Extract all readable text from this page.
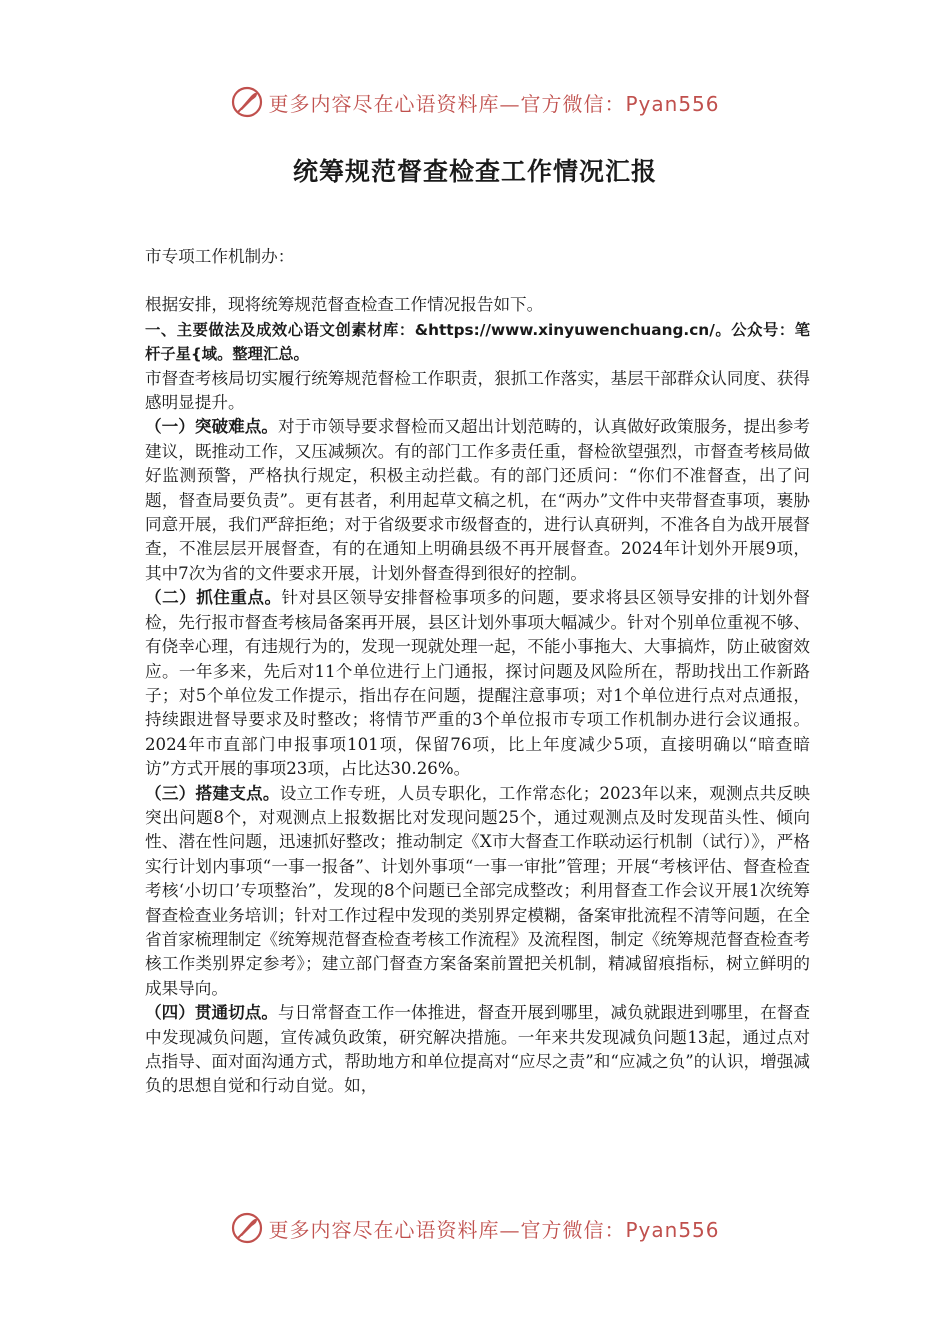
更多内容尽在心语资料库—官方微信：Pyan556
统筹规范督查检查工作情况汇报

市专项工作机制办：

根据安排，现将统筹规范督查检查工作情况报告如下。

一、主要做法及成效心语文创素材库：&https://www.xinyuwenchuang.cn/。公众号：笔杆子星{域。整理汇总。

市督查考核局切实履行统筹规范督检工作职责，狠抓工作落实，基层干部群众认同度、获得感明显提升。

（一）突破难点。对于市领导要求督检而又超出计划范畴的，认真做好政策服务，提出参考建议，既推动工作，又压减频次。有的部门工作多责任重，督检欲望强烈，市督查考核局做好监测预警，严格执行规定，积极主动拦截。有的部门还质问：“你们不准督查，出了问题，督查局要负责”。更有甚者，利用起草文稿之机，在“两办”文件中夹带督查事项，裹胁同意开展，我们严辞拒绝；对于省级要求市级督查的，进行认真研判，不准各自为战开展督查，不准层层开展督查，有的在通知上明确县级不再开展督查。2024年计划外开展9项，其中7次为省的文件要求开展，计划外督查得到很好的控制。

（二）抓住重点。针对县区领导安排督检事项多的问题，要求将县区领导安排的计划外督检，先行报市督查考核局备案再开展，县区计划外事项大幅减少。针对个别单位重视不够、有侥幸心理，有违规行为的，发现一现就处理一起，不能小事拖大、大事搞炸，防止破窗效应。一年多来，先后对11个单位进行上门通报，探讨问题及风险所在，帮助找出工作新路子；对5个单位发工作提示，指出存在问题，提醒注意事项；对1个单位进行点对点通报，持续跟进督导要求及时整改；将情节严重的3个单位报市专项工作机制办进行会议通报。2024年市直部门申报事项101项，保留76项，比上年度减少5项，直接明确以“暗查暗访”方式开展的事项23项，占比达30.26%。

（三）搭建支点。设立工作专班，人员专职化，工作常态化；2023年以来，观测点共反映突出问题8个，对观测点上报数据比对发现问题25个，通过观测点及时发现苗头性、倾向性、潜在性问题，迅速抓好整改；推动制定《X市大督查工作联动运行机制（试行）》，严格实行计划内事项“一事一报备”、计划外事项“一事一审批”管理；开展“考核评估、督查检查考核‘小切口’专项整治”，发现的8个问题已全部完成整改；利用督查工作会议开展1次统筹督查检查业务培训；针对工作过程中发现的类别界定模糊，备案审批流程不清等问题，在全省首家梳理制定《统筹规范督查检查考核工作流程》及流程图，制定《统筹规范督查检查考核工作类别界定参考》；建立部门督查方案备案前置把关机制，精减留痕指标，树立鲜明的成果导向。

（四）贯通切点。与日常督查工作一体推进，督查开展到哪里，减负就跟进到哪里，在督查中发现减负问题，宣传减负政策，研究解决措施。一年来共发现减负问题13起，通过点对点指导、面对面沟通方式，帮助地方和单位提高对“应尽之责”和“应减之负”的认识，增强减负的思想自觉和行动自觉。如，

更多内容尽在心语资料库—官方微信：Pyan556
